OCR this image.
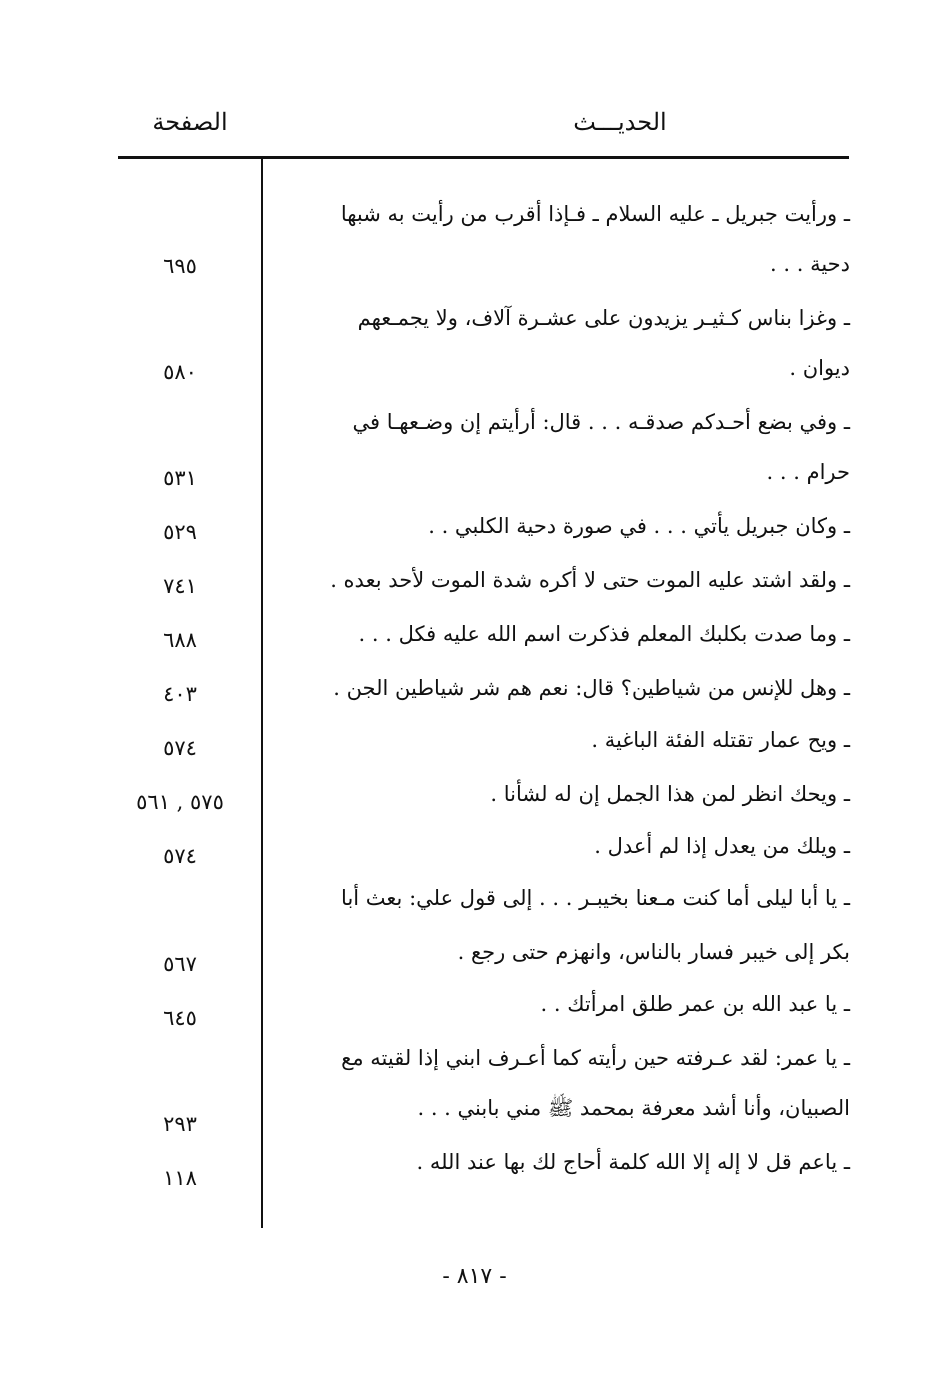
الحديـــث
الصفحة
ـ ورأيت جبريل ـ عليه السلام ـ فـإذا أقرب من رأيت به شبها
دحية . . .
٦٩٥
ـ وغزا بناس كـثيـر يزيدون على عشـرة آلاف، ولا يجمـعهم
ديوان .
٥٨٠
ـ وفي بضع أحـدكم صدقـه . . . قال: أرأيتم إن وضـعهـا في
حرام . . .
٥٣١
ـ وكان جبريل يأتي . . . في صورة دحية الكلبي . .
٥٢٩
ـ ولقد اشتد عليه الموت حتى لا أكره شدة الموت لأحد بعده .
٧٤١
ـ وما صدت بكلبك المعلم فذكرت اسم الله عليه فكل . . .
٦٨٨
ـ وهل للإنس من شياطين؟ قال: نعم هم شر شياطين الجن .
٤٠٣
ـ ويح عمار تقتله الفئة الباغية .
٥٧٤
ـ ويحك انظر لمن هذا الجمل إن له لشأنا .
٥٧٥ , ٥٦١
ـ ويلك من يعدل إذا لم أعدل .
٥٧٤
ـ يا أبا ليلى أما كنت مـعنا بخيبـر . . . إلى قول علي: بعث أبا
بكر إلى خيبر فسار بالناس، وانهزم حتى رجع .
٥٦٧
ـ يا عبد الله بن عمر طلق امرأتك . .
٦٤٥
ـ يا عمر: لقد عـرفته حين رأيته كما أعـرف ابني إذا لقيته مع
الصبيان، وأنا أشد معرفة بمحمد ﷺ مني بابني . . .
٢٩٣
ـ ياعم قل لا إله إلا الله كلمة أحاج لك بها عند الله .
١١٨
- ٨١٧ -
